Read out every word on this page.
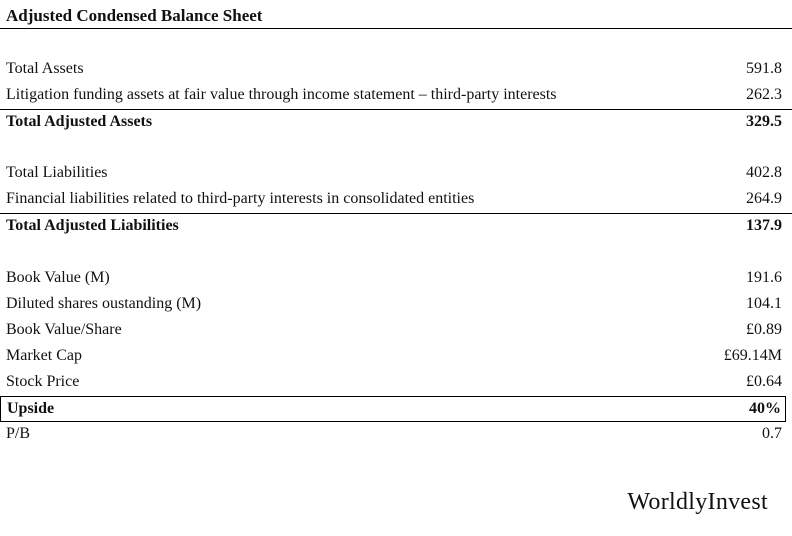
Adjusted Condensed Balance Sheet
Total Assets	591.8
Litigation funding assets at fair value through income statement – third-party interests	262.3
Total Adjusted Assets	329.5
Total Liabilities	402.8
Financial liabilities related to third-party interests in consolidated entities	264.9
Total Adjusted Liabilities	137.9
Book Value (M)	191.6
Diluted shares oustanding (M)	104.1
Book Value/Share	£0.89
Market Cap	£69.14M
Stock Price	£0.64
Upside	40%
P/B	0.7
WorldlyInvest
